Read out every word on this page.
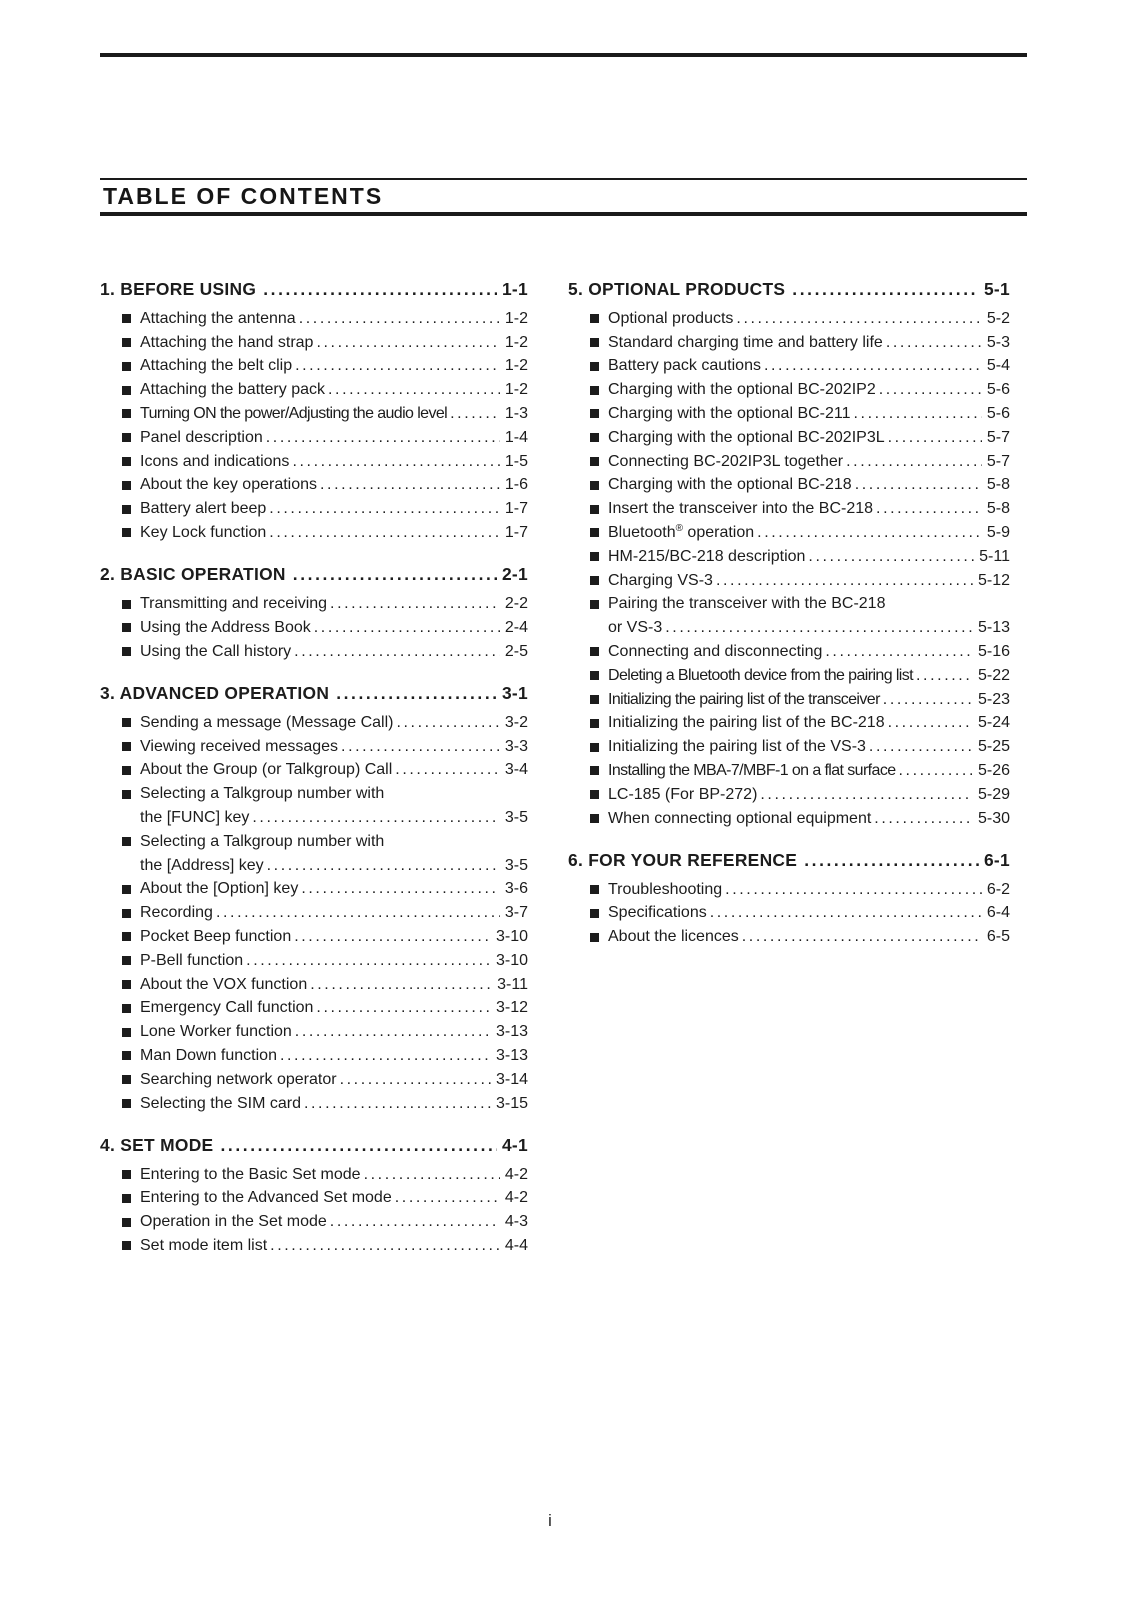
TABLE OF CONTENTS
1. BEFORE USING .....	1-1
Attaching the antenna .....	1-2
Attaching the hand strap .....	1-2
Attaching the belt clip .....	1-2
Attaching the battery pack .....	1-2
Turning ON the power/Adjusting the audio level .....	1-3
Panel description .....	1-4
Icons and indications .....	1-5
About the key operations .....	1-6
Battery alert beep .....	1-7
Key Lock function .....	1-7
2. BASIC OPERATION .....	2-1
Transmitting and receiving .....	2-2
Using the Address Book .....	2-4
Using the Call history .....	2-5
3. ADVANCED OPERATION .....	3-1
Sending a message (Message Call) .....	3-2
Viewing received messages .....	3-3
About the Group (or Talkgroup) Call .....	3-4
Selecting a Talkgroup number with
the [FUNC] key .....	3-5
Selecting a Talkgroup number with
the [Address] key .....	3-5
About the [Option] key .....	3-6
Recording .....	3-7
Pocket Beep function .....	3-10
P-Bell function .....	3-10
About the VOX function .....	3-11
Emergency Call function .....	3-12
Lone Worker function .....	3-13
Man Down function .....	3-13
Searching network operator .....	3-14
Selecting the SIM card .....	3-15
4. SET MODE .....	4-1
Entering to the Basic Set mode .....	4-2
Entering to the Advanced Set mode .....	4-2
Operation in the Set mode .....	4-3
Set mode item list .....	4-4
5. OPTIONAL PRODUCTS .....	5-1
Optional products .....	5-2
Standard charging time and battery life .....	5-3
Battery pack cautions .....	5-4
Charging with the optional BC-202IP2 .....	5-6
Charging with the optional BC-211 .....	5-6
Charging with the optional BC-202IP3L .....	5-7
Connecting BC-202IP3L together .....	5-7
Charging with the optional BC-218 .....	5-8
Insert the transceiver into the BC-218 .....	5-8
Bluetooth® operation .....	5-9
HM-215/BC-218 description .....	5-11
Charging VS-3 .....	5-12
Pairing the transceiver with the BC-218
or VS-3 .....	5-13
Connecting and disconnecting .....	5-16
Deleting a Bluetooth device from the pairing list .....	5-22
Initializing the pairing list of the transceiver .....	5-23
Initializing the pairing list of the BC-218 .....	5-24
Initializing the pairing list of the VS-3 .....	5-25
Installing the MBA-7/MBF-1 on a flat surface .....	5-26
LC-185 (For BP-272) .....	5-29
When connecting optional equipment .....	5-30
6. FOR YOUR REFERENCE .....	6-1
Troubleshooting .....	6-2
Specifications .....	6-4
About the licences .....	6-5
i
